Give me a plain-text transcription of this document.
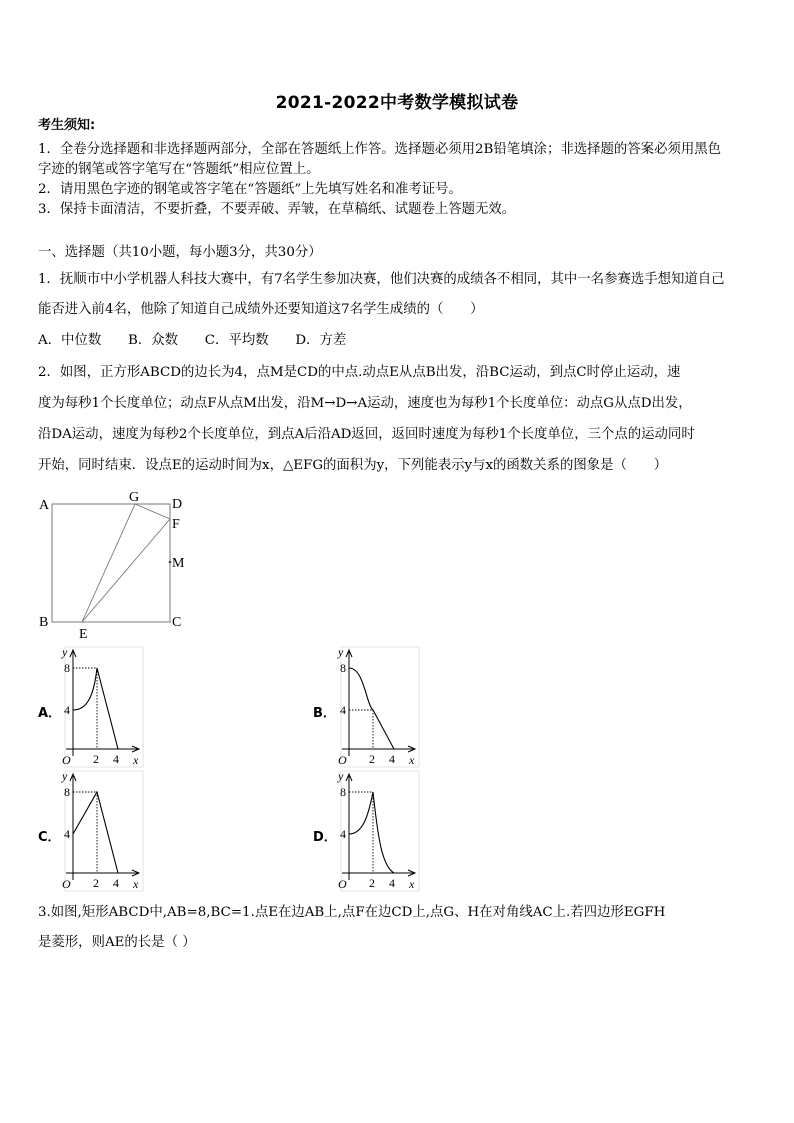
2021-2022中考数学模拟试卷
考生须知:
1．全卷分选择题和非选择题两部分，全部在答题纸上作答。选择题必须用2B铅笔填涂；非选择题的答案必须用黑色
字迹的钢笔或答字笔写在“答题纸”相应位置上。
2．请用黑色字迹的钢笔或答字笔在“答题纸”上先填写姓名和准考证号。
3．保持卡面清洁，不要折叠，不要弄破、弄皱，在草稿纸、试题卷上答题无效。
一、选择题（共10小题，每小题3分，共30分）
1．抚顺市中小学机器人科技大赛中，有7名学生参加决赛，他们决赛的成绩各不相同，其中一名参赛选手想知道自己
能否进入前4名，他除了知道自己成绩外还要知道这7名学生成绩的（　　）
A．中位数　　B．众数　　C．平均数　　D．方差
2．如图，正方形ABCD的边长为4，点M是CD的中点.动点E从点B出发，沿BC运动，到点C时停止运动，速
度为每秒1个长度单位；动点F从点M出发，沿M→D→A运动，速度也为每秒1个长度单位：动点G从点D出发，
沿DA运动，速度为每秒2个长度单位，到点A后沿AD返回，返回时速度为每秒1个长度单位，三个点的运动同时
开始，同时结束．设点E的运动时间为x，△EFG的面积为y，下列能表示y与x的函数关系的图象是（　　）
A
G D
F
M
B	C
E
A．	B．
C．	D．
y
x
O
8
4
2 4
y
x
O
8
4
2 4
y
x
O
8
4
2 4
y
x
O
8
4
2 4
3.如图,矩形ABCD中,AB=8,BC=1.点E在边AB上,点F在边CD上,点G、H在对角线AC上.若四边形EGFH
是菱形，则AE的长是（ ）
